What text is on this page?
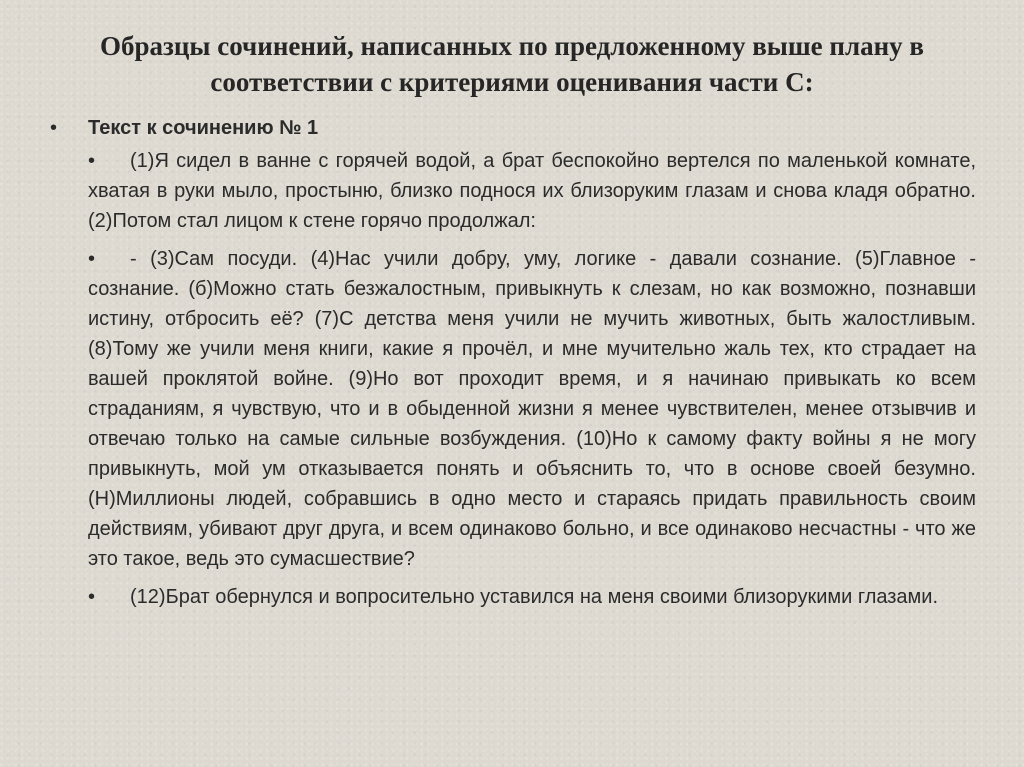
Образцы сочинений, написанных по предложенному выше плану в
соответствии с критериями оценивания части С:
• Текст к сочинению № 1
• (1)Я сидел в ванне с горячей водой, а брат беспокойно вертелся по маленькой комнате, хватая в руки мыло, простыню, близко поднося их близоруким глазам и снова кладя обратно. (2)Потом стал лицом к стене горячо продолжал:
• - (3)Сам посуди. (4)Нас учили добру, уму, логике - давали сознание. (5)Главное - сознание. (б)Можно стать безжалостным, привыкнуть к слезам, но как возможно, познавши истину, отбросить её? (7)С детства меня учили не мучить животных, быть жалостливым. (8)Тому же учили меня книги, какие я прочёл, и мне мучительно жаль тех, кто страдает на вашей проклятой войне. (9)Но вот проходит время, и я начинаю привыкать ко всем страданиям, я чувствую, что и в обыденной жизни я менее чувствителен, менее отзывчив и отвечаю только на самые сильные возбуждения. (10)Но к самому факту войны я не могу привыкнуть, мой ум отказывается понять и объяснить то, что в основе своей безумно. (Н)Миллионы людей, собравшись в одно место и стараясь придать правильность своим действиям, убивают друг друга, и всем одинаково больно, и все одинаково несчастны - что же это такое, ведь это сумасшествие?
• (12)Брат обернулся и вопросительно уставился на меня своими близорукими глазами.
